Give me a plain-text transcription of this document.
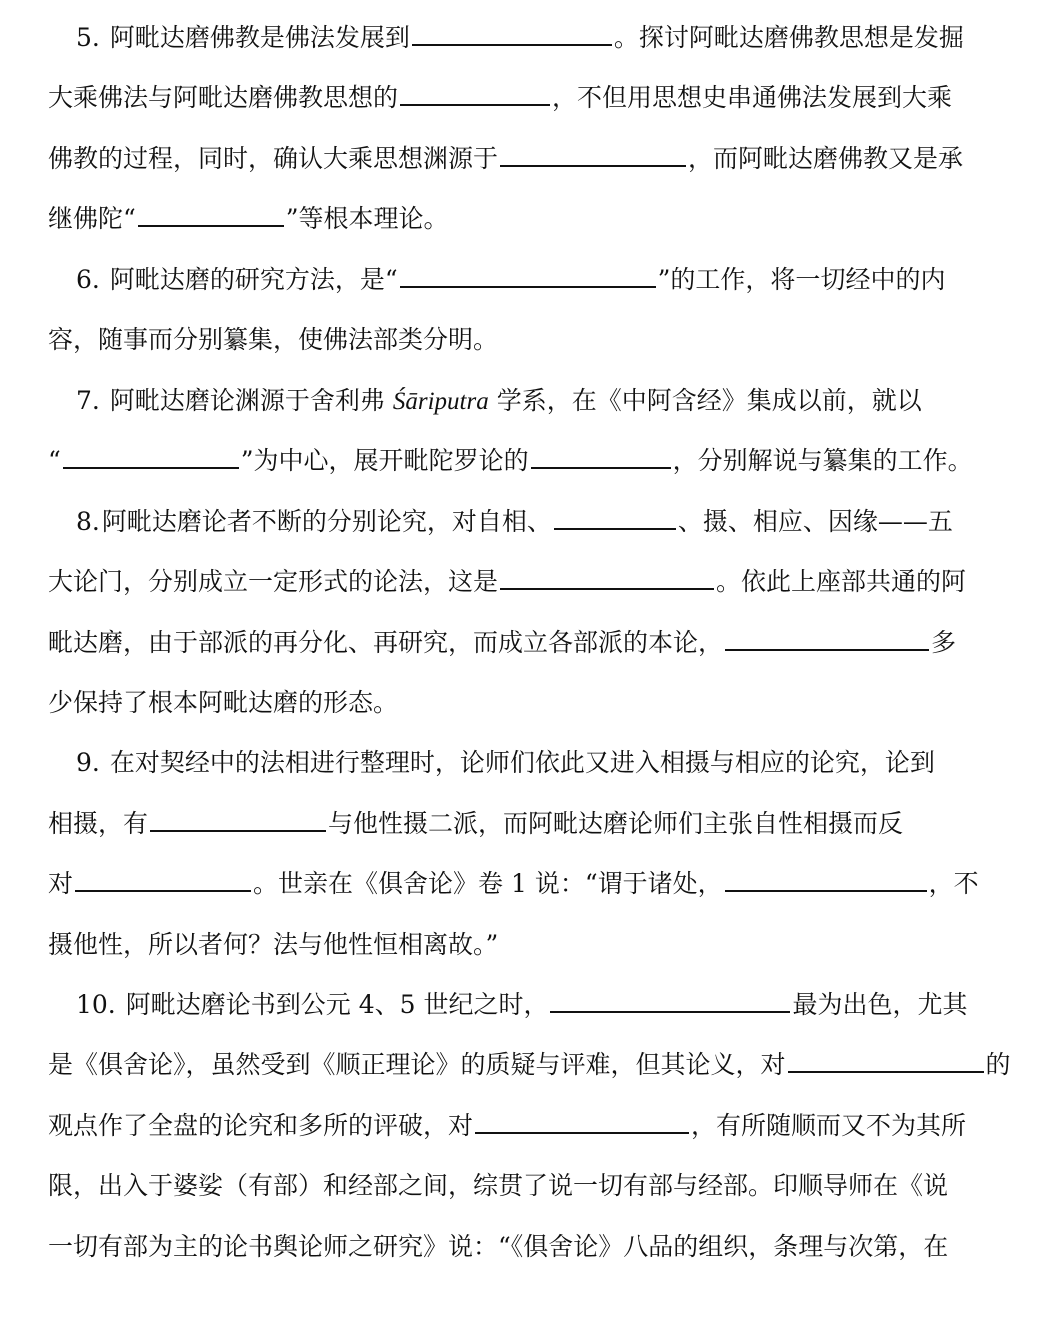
5. 阿毗达磨佛教是佛法发展到	。探讨阿毗达磨佛教思想是发掘
大乘佛法与阿毗达磨佛教思想的	，不但用思想史串通佛法发展到大乘
佛教的过程，同时，确认大乘思想渊源于	，而阿毗达磨佛教又是承
继佛陀“	”等根本理论。
6. 阿毗达磨的研究方法，是“	”的工作，将一切经中的内
容，随事而分别纂集，使佛法部类分明。
7. 阿毗达磨论渊源于舍利弗 Śāriputra 学系，在《中阿含经》集成以前，就以
“	”为中心，展开毗陀罗论的	，分别解说与纂集的工作。
8.阿毗达磨论者不断的分别论究，对自相、	、摄、相应、因缘——五
大论门，分别成立一定形式的论法，这是	。依此上座部共通的阿
毗达磨，由于部派的再分化、再研究，而成立各部派的本论，	多
少保持了根本阿毗达磨的形态。
9. 在对契经中的法相进行整理时，论师们依此又进入相摄与相应的论究，论到
相摄，有	与他性摄二派，而阿毗达磨论师们主张自性相摄而反
对	。世亲在《俱舍论》卷 1 说：“谓于诸处，	，不
摄他性，所以者何？法与他性恒相离故。”
10. 阿毗达磨论书到公元 4、5 世纪之时，	最为出色，尤其
是《俱舍论》，虽然受到《顺正理论》的质疑与评难，但其论义，对	的
观点作了全盘的论究和多所的评破，对	，有所随顺而又不为其所
限，出入于婆娑（有部）和经部之间，综贯了说一切有部与经部。印顺导师在《说
一切有部为主的论书舆论师之研究》说：“《俱舍论》八品的组织，条理与次第，在
